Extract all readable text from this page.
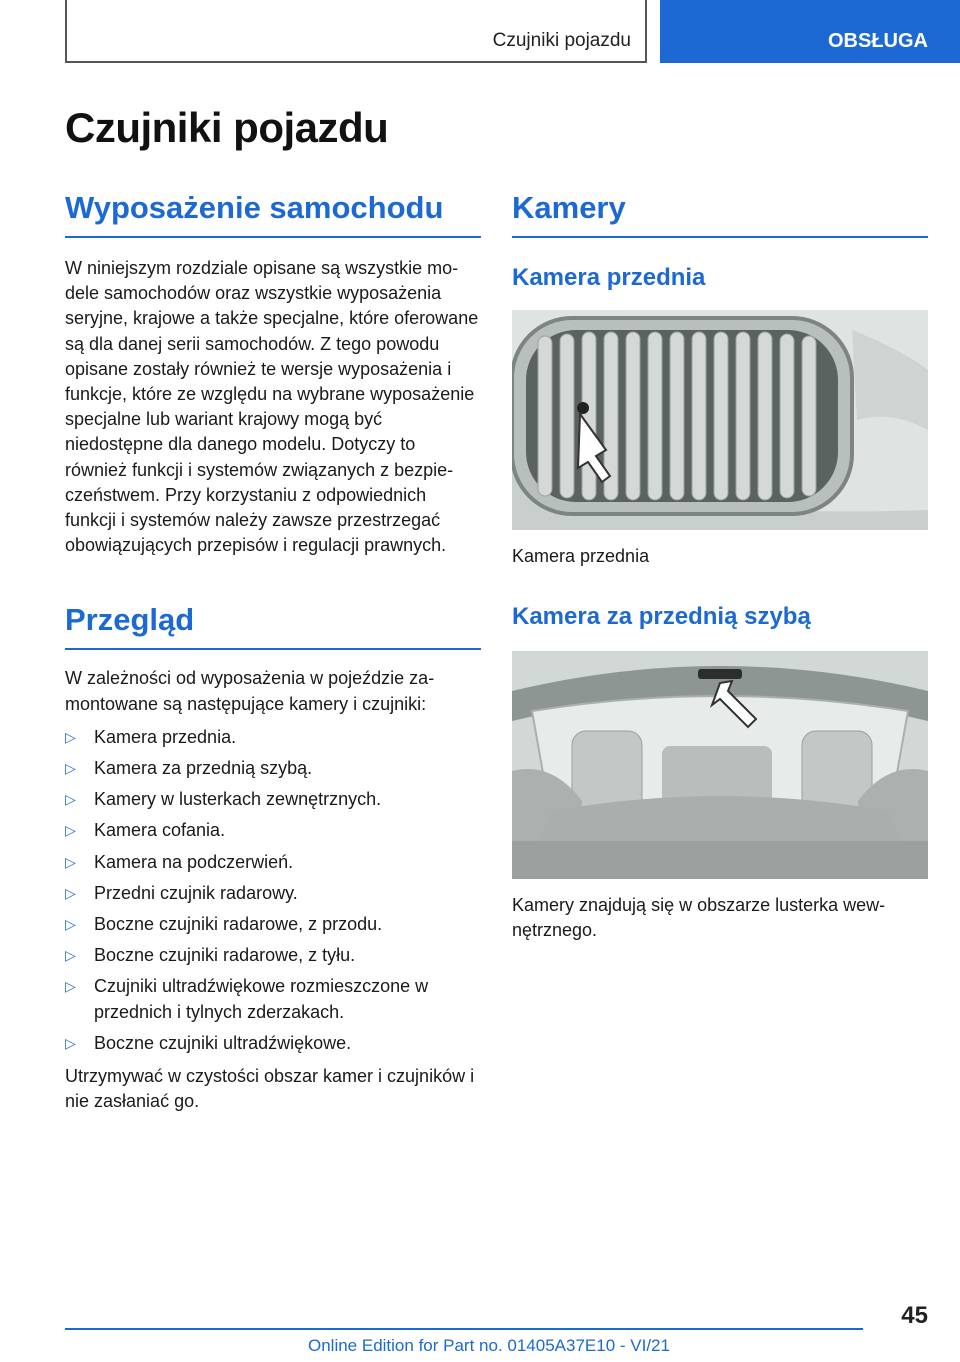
Czujniki pojazdu	OBSŁUGA
Czujniki pojazdu
Wyposażenie samochodu

W niniejszym rozdziale opisane są wszystkie modele samochodów oraz wszystkie wyposażenia seryjne, krajowe a także specjalne, które oferowane są dla danej serii samochodów. Z tego powodu opisane zostały również te wersje wyposażenia i funkcje, które ze względu na wybrane wyposażenie specjalne lub wariant krajowy mogą być niedostępne dla danego modelu. Dotyczy to również funkcji i systemów związanych z bezpieczeństwem. Przy korzystaniu z odpowiednich funkcji i systemów należy zawsze przestrzegać obowiązujących przepisów i regulacji prawnych.

Przegląd

W zależności od wyposażenia w pojeździe zamontowane są następujące kamery i czujniki:

▷ Kamera przednia.
▷ Kamera za przednią szybą.
▷ Kamery w lusterkach zewnętrznych.
▷ Kamera cofania.
▷ Kamera na podczerwień.
▷ Przedni czujnik radarowy.
▷ Boczne czujniki radarowe, z przodu.
▷ Boczne czujniki radarowe, z tyłu.
▷ Czujniki ultradźwiękowe rozmieszczone w przednich i tylnych zderzakach.
▷ Boczne czujniki ultradźwiękowe.

Utrzymywać w czystości obszar kamer i czujników i nie zasłaniać go.

Kamery
Kamera przednia

Kamera przednia

Kamera za przednią szybą

Kamery znajdują się w obszarze lusterka wewnętrznego.

45
Online Edition for Part no. 01405A37E10 - VI/21
